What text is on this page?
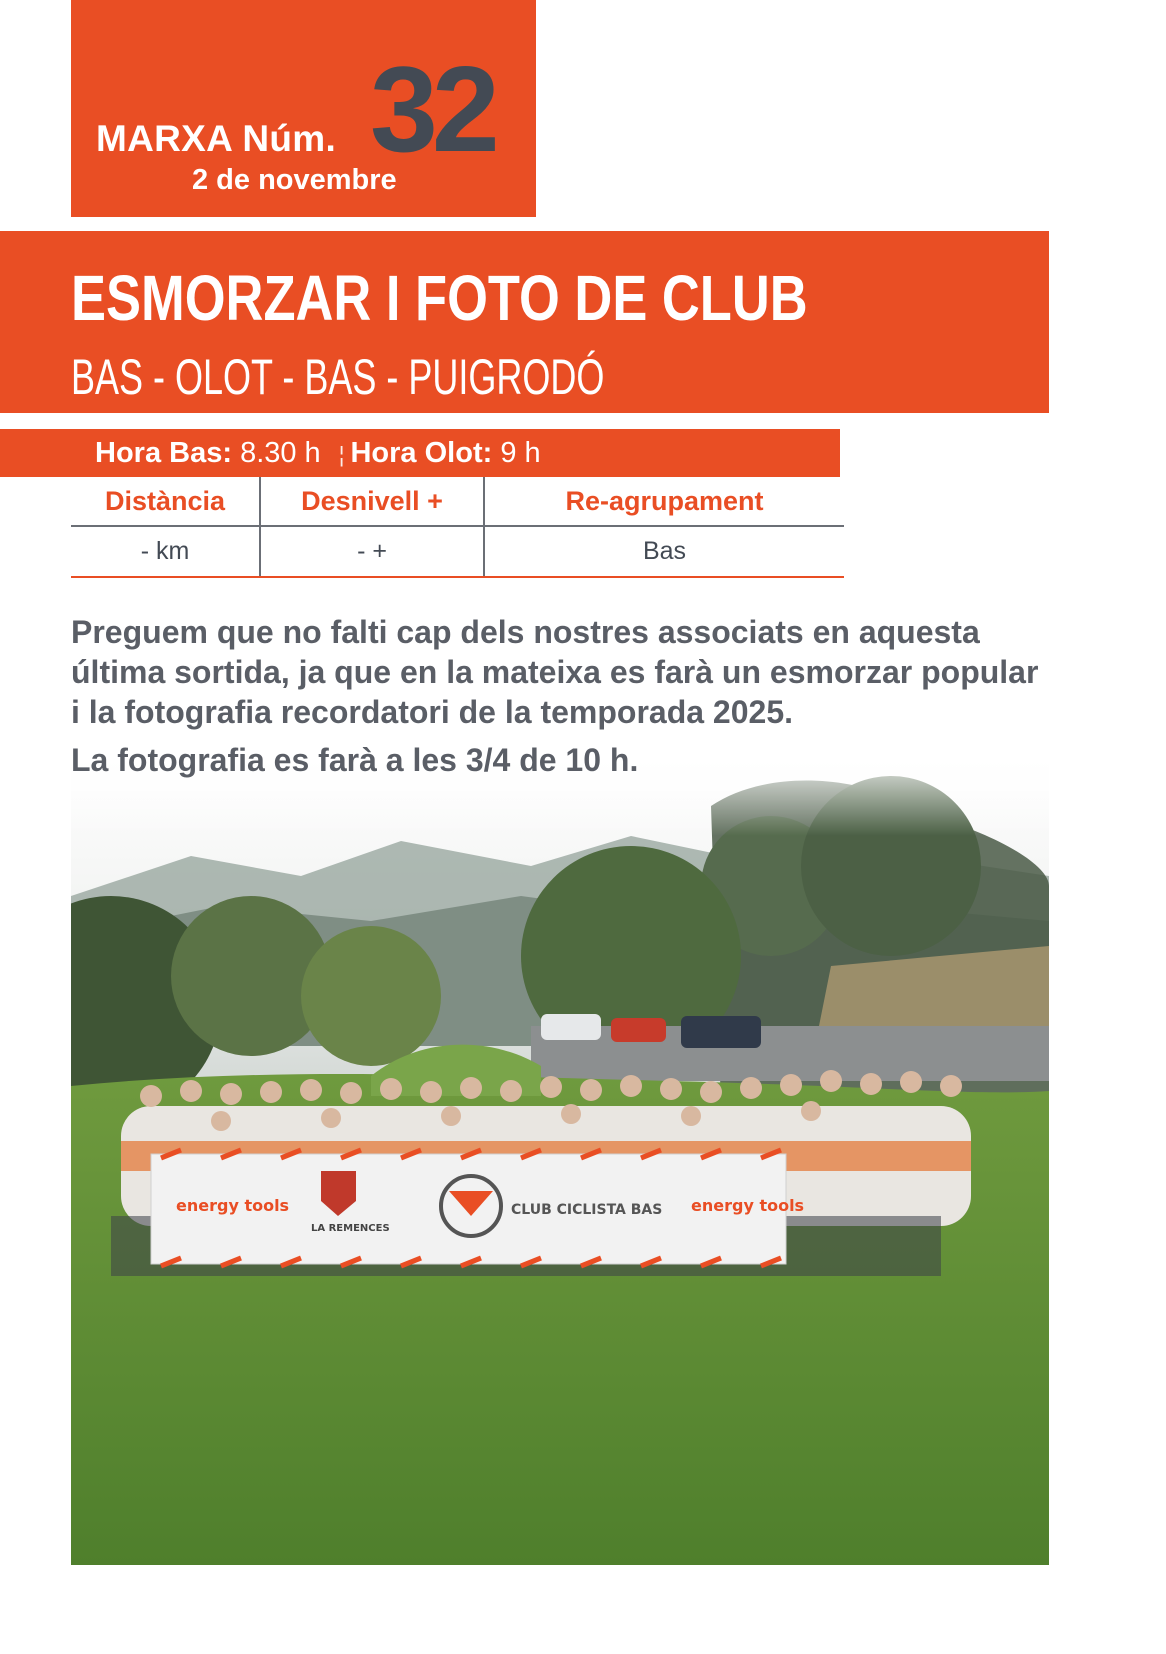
MARXA Núm. 32
2 de novembre
ESMORZAR I FOTO DE CLUB
BAS - OLOT - BAS - PUIGRODÓ
Hora Bas: 8.30 h ¦ Hora Olot: 9 h
Distància	Desnivell +	Re-agrupament
- km	- +	Bas
energy tools
LA REMENCES
CLUB CICLISTA BAS energy tools

Preguem que no falti cap dels nostres associats en aquesta última sortida, ja que en la mateixa es farà un esmorzar popular i la fotografia recordatori de la temporada 2025.

La fotografia es farà a les 3/4 de 10 h.
